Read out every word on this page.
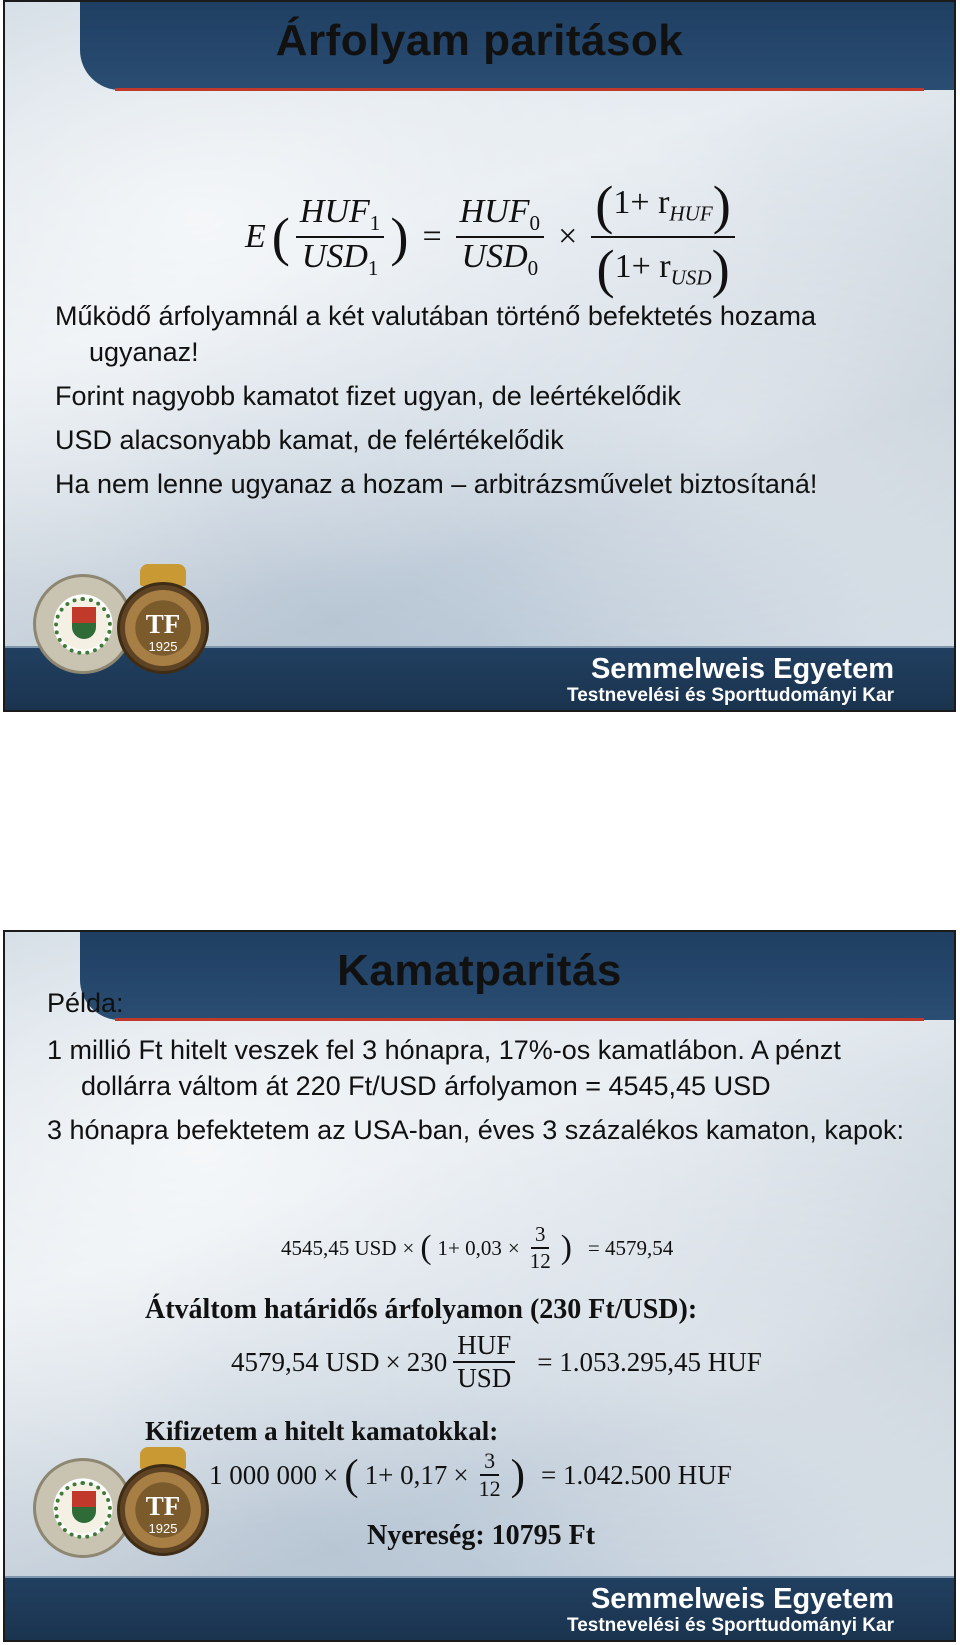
Árfolyam paritások
E ( $\frac{HUF_1}{USD_1}$ ) = $\frac{HUF_0}{USD_0} \times \frac{(1+ r_{HUF})}{(1+ r_{USD})}$

Működő árfolyamnál a két valutában történő befektetés hozama ugyanaz!

Forint nagyobb kamatot fizet ugyan, de leértékelődik

USD alacsonyabb kamat, de felértékelődik

Ha nem lenne ugyanaz a hozam – arbitrázsművelet biztosítaná!

Semmelweis Egyetem
Testnevelési és Sporttudományi Kar
TF
1925
Kamatparitás
Példa:

1 millió Ft hitelt veszek fel 3 hónapra, 17%-os kamatlábon. A pénzt dollárra váltom át 220 Ft/USD árfolyamon = 4545,45 USD

3 hónapra befektetem az USA-ban, éves 3 százalékos kamaton, kapok:

4545,45 USD × ( $1+ 0,03 \times \frac{3}{12}$ ) = 4579,54
Átváltom határidős árfolyamon (230 Ft/USD):
4579,54 USD × $230 \frac{\text{HUF}}{\text{USD}} = 1.053.295,45$ HUF
Kifizetem a hitelt kamatokkal:
1 000 000 × ( $1+ 0,17 \times \frac{3}{12}$ ) = 1.042.500 HUF
Semmelweis Egyetem
Testnevelési és Sporttudományi Kar
Nyereség: 10795 Ft
TF
1925
